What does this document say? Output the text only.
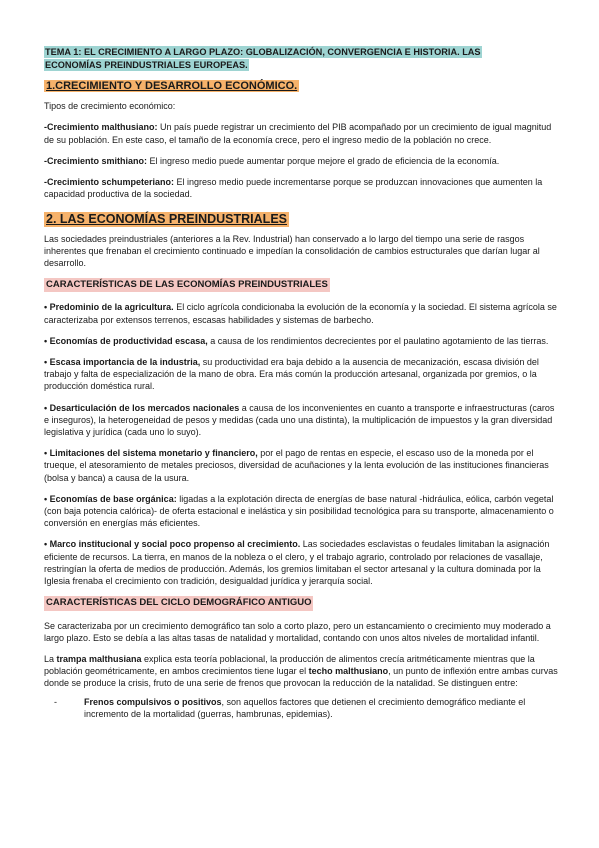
TEMA 1: EL CRECIMIENTO A LARGO PLAZO: GLOBALIZACIÓN, CONVERGENCIA E HISTORIA. LAS
ECONOMÍAS PREINDUSTRIALES EUROPEAS.
1.CRECIMIENTO Y DESARROLLO ECONÓMICO.

Tipos de crecimiento económico:

-Crecimiento malthusiano: Un país puede registrar un crecimiento del PIB acompañado por un crecimiento de igual magnitud de su población. En este caso, el tamaño de la economía crece, pero el ingreso medio de la población no crece.

-Crecimiento smithiano: El ingreso medio puede aumentar porque mejore el grado de eficiencia de la economía.

-Crecimiento schumpeteriano: El ingreso medio puede incrementarse porque se produzcan innovaciones que aumenten la capacidad productiva de la sociedad.

2. LAS ECONOMÍAS PREINDUSTRIALES

Las sociedades preindustriales (anteriores a la Rev. Industrial) han conservado a lo largo del tiempo una serie de rasgos inherentes que frenaban el crecimiento continuado e impedían la consolidación de cambios estructurales que darían lugar al desarrollo.

CARACTERÍSTICAS DE LAS ECONOMÍAS PREINDUSTRIALES

• Predominio de la agricultura. El ciclo agrícola condicionaba la evolución de la economía y la sociedad. El sistema agrícola se caracterizaba por extensos terrenos, escasas habilidades y sistemas de barbecho.

• Economías de productividad escasa, a causa de los rendimientos decrecientes por el paulatino agotamiento de las tierras.

• Escasa importancia de la industria, su productividad era baja debido a la ausencia de mecanización, escasa división del trabajo y falta de especialización de la mano de obra. Era más común la producción artesanal, organizada por gremios, o la producción doméstica rural.

• Desarticulación de los mercados nacionales a causa de los inconvenientes en cuanto a transporte e infraestructuras (caros e inseguros), la heterogeneidad de pesos y medidas (cada uno una distinta), la multiplicación de impuestos y la gran diversidad legislativa y jurídica (cada uno lo suyo).

• Limitaciones del sistema monetario y financiero, por el pago de rentas en especie, el escaso uso de la moneda por el trueque, el atesoramiento de metales preciosos, diversidad de acuñaciones y la lenta evolución de las instituciones financieras (bolsa y banca) a causa de la usura.

• Economías de base orgánica: ligadas a la explotación directa de energías de base natural -hidráulica, eólica, carbón vegetal (con baja potencia calórica)- de oferta estacional e inelástica y sin posibilidad tecnológica para su transporte, almacenamiento o conversión en energías más eficientes.

• Marco institucional y social poco propenso al crecimiento. Las sociedades esclavistas o feudales limitaban la asignación eficiente de recursos. La tierra, en manos de la nobleza o el clero, y el trabajo agrario, controlado por relaciones de vasallaje, restringían la oferta de medios de producción. Además, los gremios limitaban el sector artesanal y la cultura dominada por la Iglesia frenaba el crecimiento con tradición, desigualdad jurídica y jerarquía social.

CARACTERÍSTICAS DEL CICLO DEMOGRÁFICO ANTIGUO

Se caracterizaba por un crecimiento demográfico tan solo a corto plazo, pero un estancamiento o crecimiento muy moderado a largo plazo. Esto se debía a las altas tasas de natalidad y mortalidad, contando con unos altos niveles de mortalidad infantil.

La trampa malthusiana explica esta teoría poblacional, la producción de alimentos crecía aritméticamente mientras que la población geométricamente, en ambos crecimientos tiene lugar el techo malthusiano, un punto de inflexión entre ambas curvas donde se produce la crisis, fruto de una serie de frenos que provocan la reducción de la natalidad. Se distinguen entre:

-	Frenos compulsivos o positivos, son aquellos factores que detienen el crecimiento demográfico mediante el incremento de la mortalidad (guerras, hambrunas, epidemias).
